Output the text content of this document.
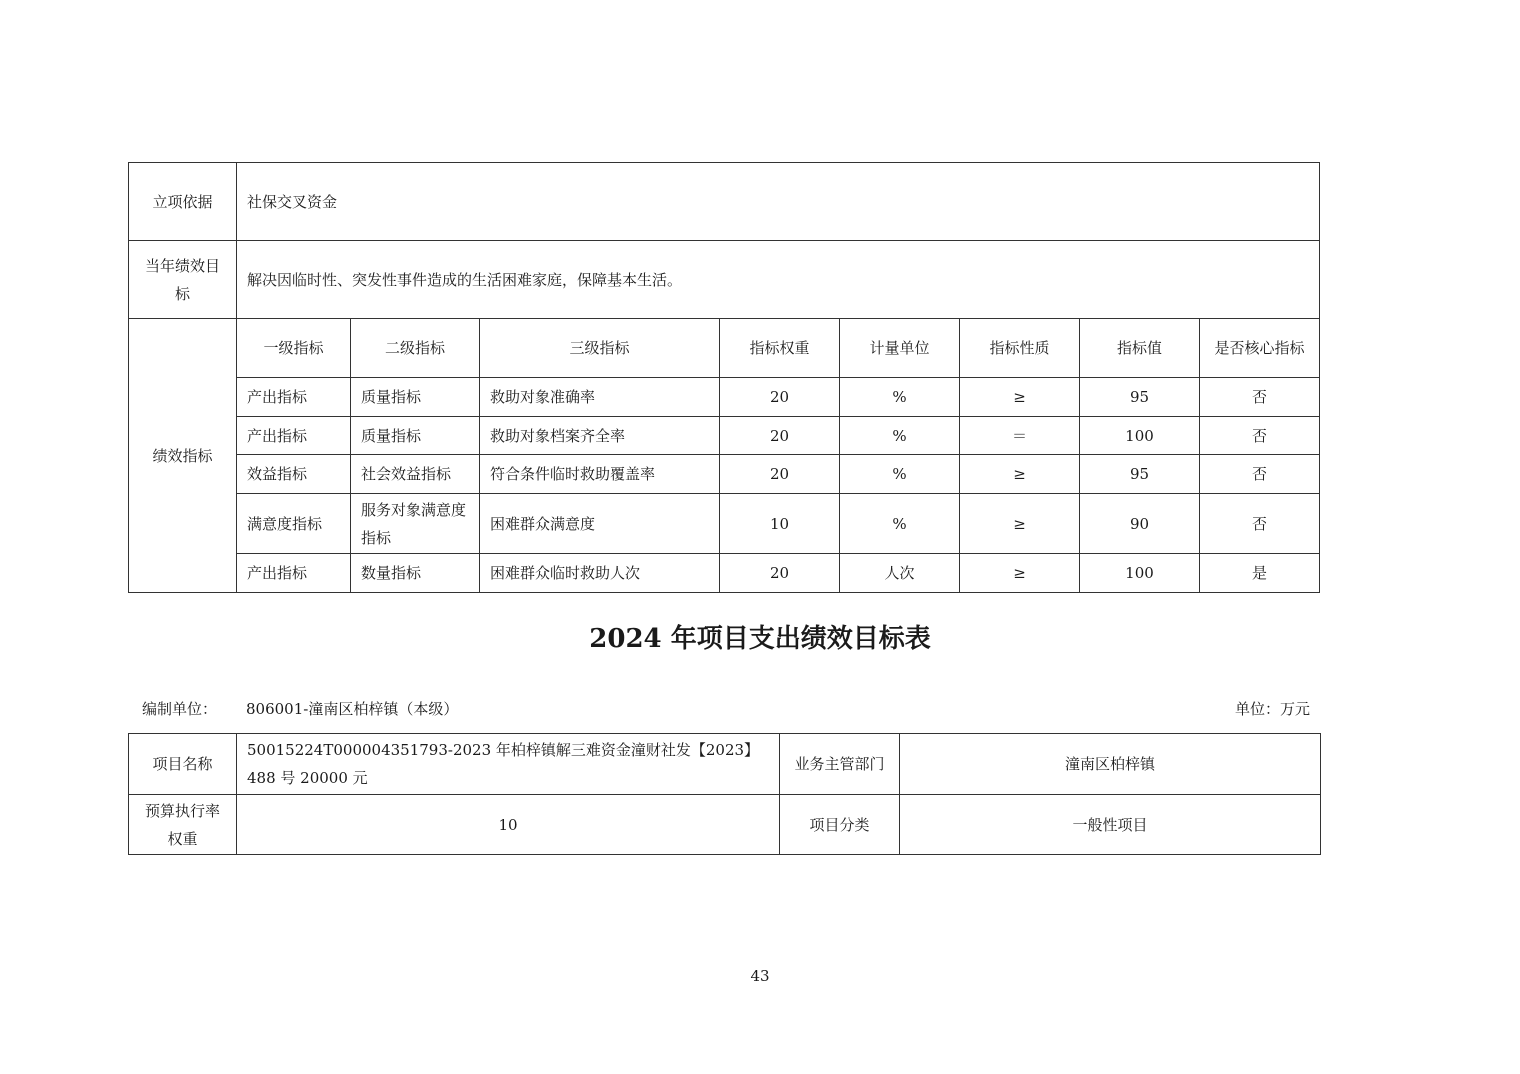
立项依据	社保交叉资金							
当年绩效目标	解决因临时性、突发性事件造成的生活困难家庭，保障基本生活。							
绩效指标	一级指标	二级指标	三级指标	指标权重	计量单位	指标性质	指标值	是否核心指标
	产出指标	质量指标	救助对象准确率	20	%	≥	95	否
	产出指标	质量指标	救助对象档案齐全率	20	%	＝	100	否
	效益指标	社会效益指标	符合条件临时救助覆盖率	20	%	≥	95	否
	满意度指标	服务对象满意度指标	困难群众满意度	10	%	≥	90	否
	产出指标	数量指标	困难群众临时救助人次	20	人次	≥	100	是
2024 年项目支出绩效目标表
编制单位： 806001-潼南区柏梓镇（本级）	单位：万元
项目名称	50015224T000004351793-2023 年柏梓镇解三难资金潼财社发【2023】488 号 20000 元	业务主管部门	潼南区柏梓镇
预算执行率权重	10	项目分类	一般性项目
43
